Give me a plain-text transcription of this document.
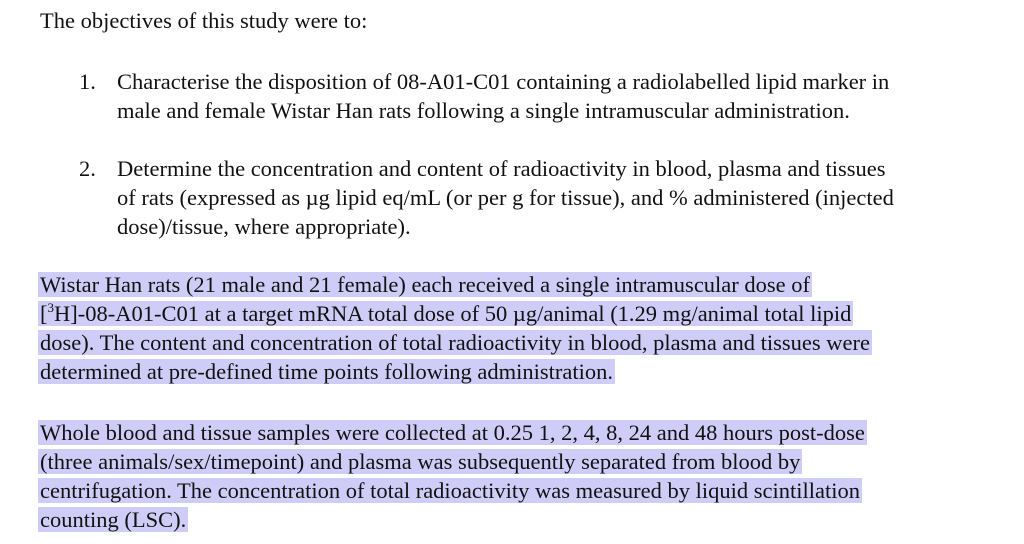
The objectives of this study were to:
1. Characterise the disposition of 08-A01-C01 containing a radiolabelled lipid marker in
male and female Wistar Han rats following a single intramuscular administration.
2. Determine the concentration and content of radioactivity in blood, plasma and tissues
of rats (expressed as µg lipid eq/mL (or per g for tissue), and % administered (injected
dose)/tissue, where appropriate).
Wistar Han rats (21 male and 21 female) each received a single intramuscular dose of
[$^3$H]-08-A01-C01 at a target mRNA total dose of 50 µg/animal (1.29 mg/animal total lipid
dose). The content and concentration of total radioactivity in blood, plasma and tissues were
determined at pre-defined time points following administration.
Whole blood and tissue samples were collected at 0.25 1, 2, 4, 8, 24 and 48 hours post-dose
(three animals/sex/timepoint) and plasma was subsequently separated from blood by
centrifugation. The concentration of total radioactivity was measured by liquid scintillation
counting (LSC).
